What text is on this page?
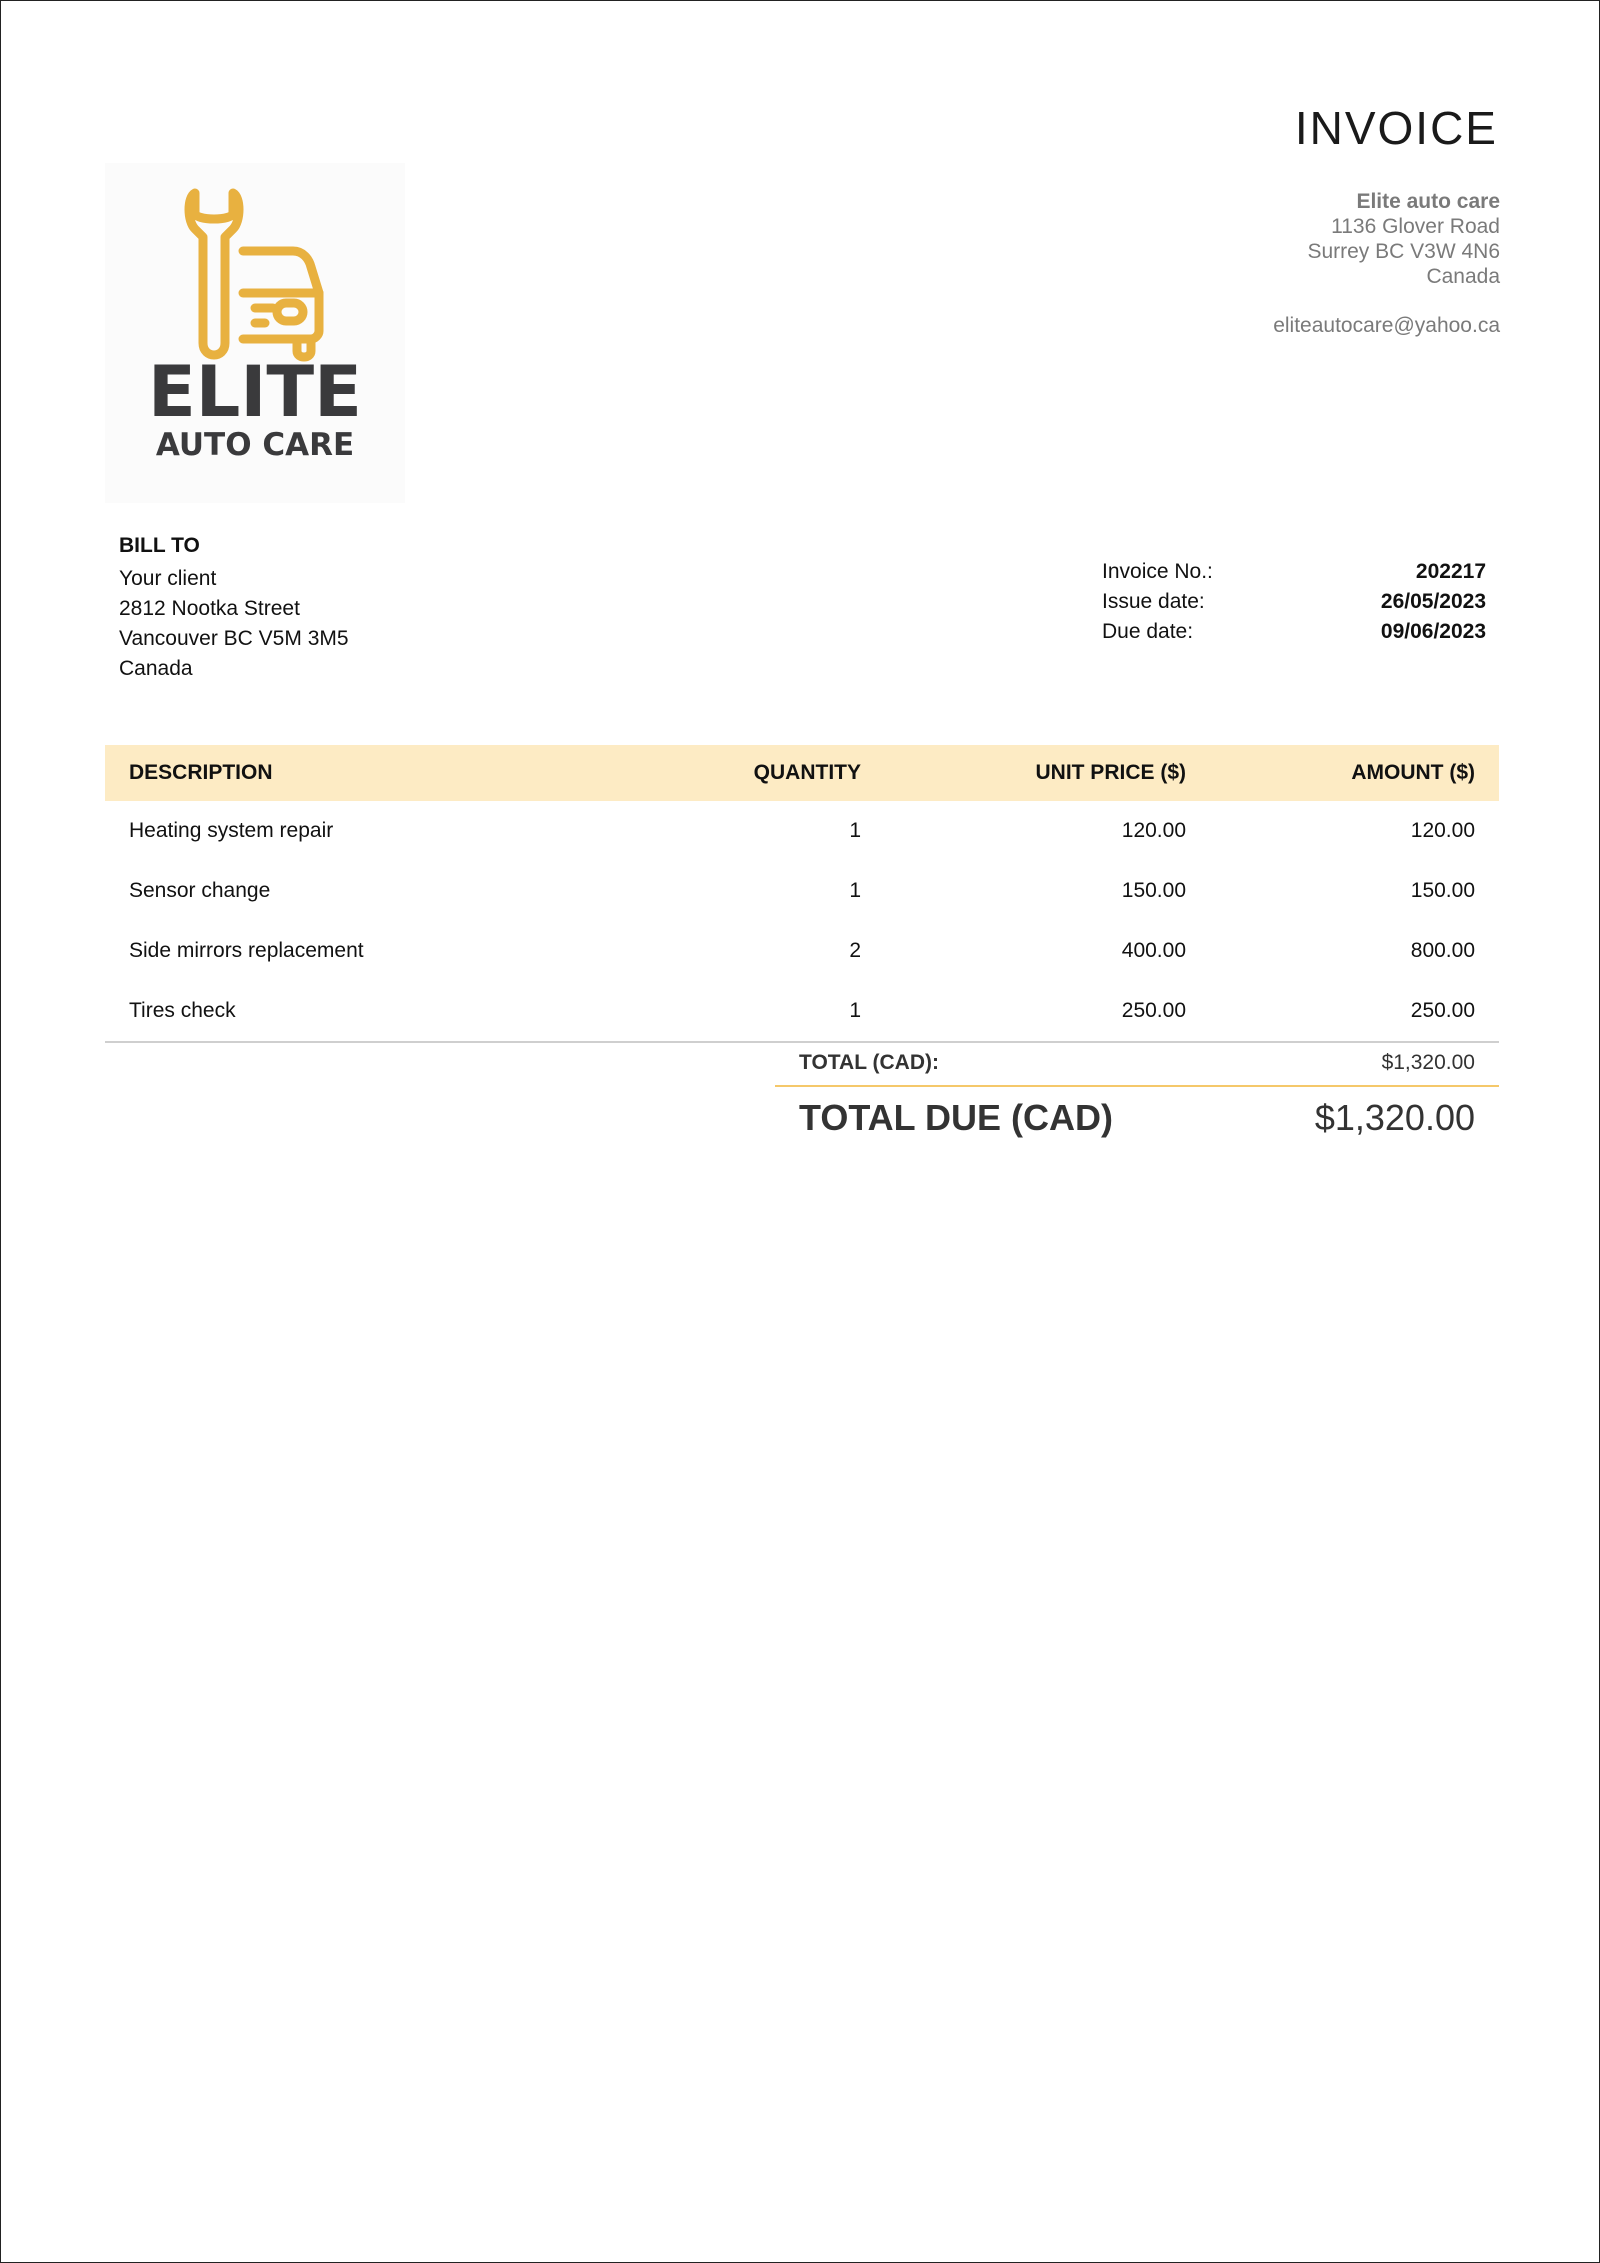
INVOICE
ELITE
AUTO CARE
Elite auto care
1136 Glover Road
Surrey BC V3W 4N6
Canada
eliteautocare@yahoo.ca
BILL TO
Your client
2812 Nootka Street
Vancouver BC V5M 3M5
Canada
Invoice No.:	202217
Issue date:	26/05/2023
Due date:	09/06/2023
DESCRIPTION	QUANTITY	UNIT PRICE ($)	AMOUNT ($)
Heating system repair	1	120.00	120.00
Sensor change	1	150.00	150.00
Side mirrors replacement	2	400.00	800.00
Tires check	1	250.00	250.00
TOTAL (CAD):	$1,320.00
TOTAL DUE (CAD)	$1,320.00
